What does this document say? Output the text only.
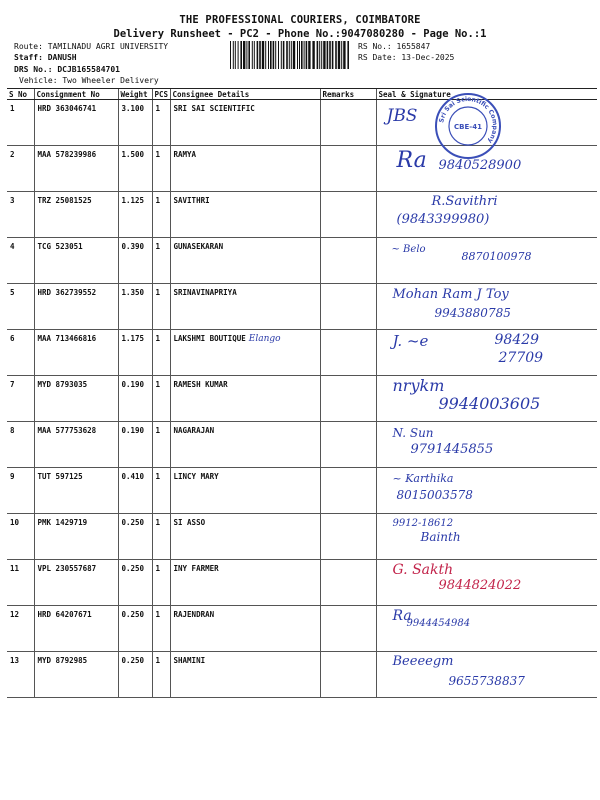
THE PROFESSIONAL COURIERS, COIMBATORE
Delivery Runsheet - PC2 - Phone No.:9047080280 - Page No.:1
Route: TAMILNADU AGRI UNIVERSITY
Staff: DANUSH
DRS No.: DCJB165584701
Vehicle: Two Wheeler Delivery
RS No.: 1655847
RS Date: 13-Dec-2025
S No	Consignment No	Weight	PCS	Consignee Details	Remarks	Seal & Signature
1	HRD 363046741	3.100	1	SRI SAI SCIENTIFIC		JBS

2	MAA 578239986	1.500	1	RAMYA		Ra 9840528900

3	TRZ 25081525	1.125	1	SAVITHRI		R.Savithri
(9843399980)

4	TCG 523051	0.390	1	GUNASEKARAN		~ Belo
8870100978

5	HRD 362739552	1.350	1	SRINAVINAPRIYA		Mohan Ram J Toy
9943880785

6	MAA 713466816	1.175	1	LAKSHMI BOUTIQUE Elango		J. ~e 98429
27709

7	MYD 8793035	0.190	1	RAMESH KUMAR		nrykm
9944003605

8	MAA 577753628	0.190	1	NAGARAJAN		N. Sun
9791445855

9	TUT 597125	0.410	1	LINCY MARY		~ Karthika
8015003578

10	PMK 1429719	0.250	1	SI ASSO		9912-18612
Bainth

11	VPL 230557687	0.250	1	INY FARMER		G. Sakth
9844824022

12	HRD 64207671	0.250	1	RAJENDRAN		Ra
9944454984

13	MYD 8792985	0.250	1	SHAMINI		Beeeegm
9655738837
Sri Sai Scientific Company
CBE-41
